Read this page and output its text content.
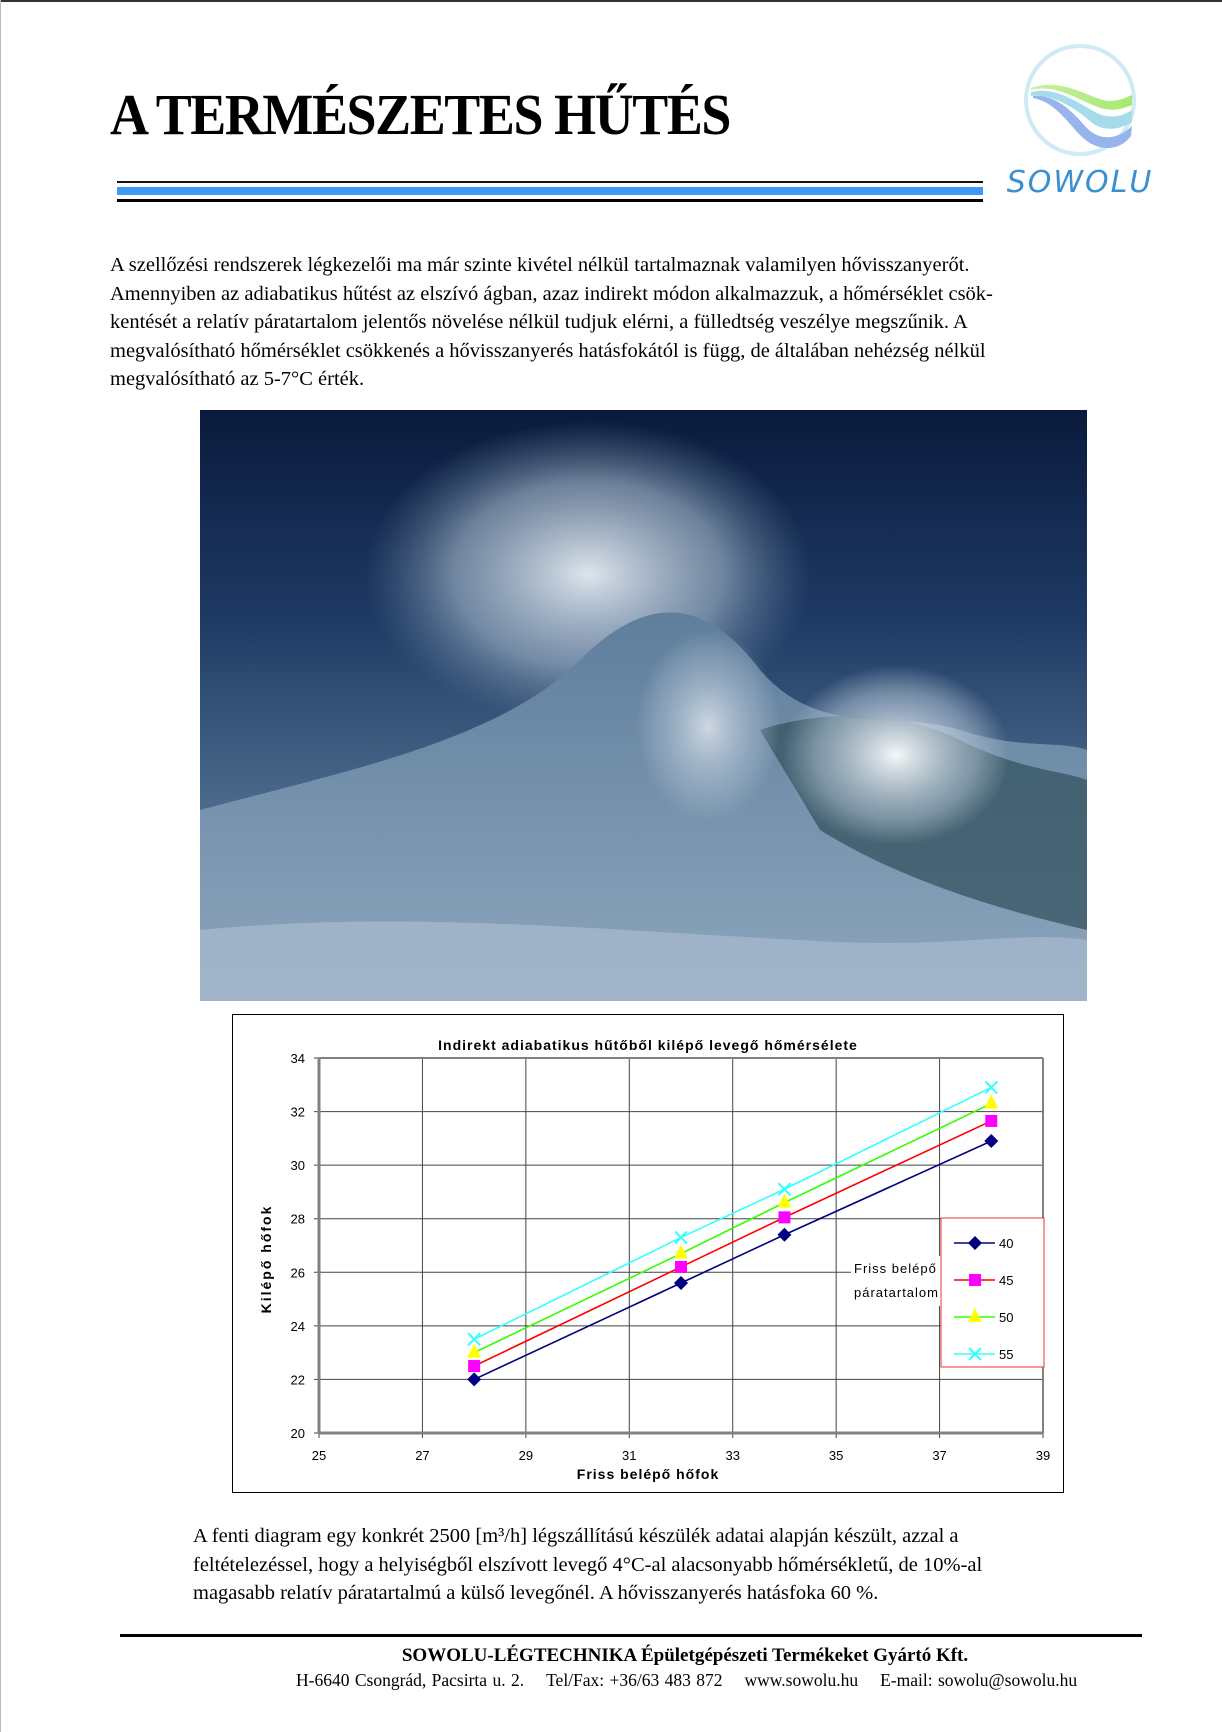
A TERMÉSZETES HŰTÉS
SOWOLU
A szellőzési rendszerek légkezelői ma már szinte kivétel nélkül tartalmaznak valamilyen hővisszanyerőt.
Amennyiben az adiabatikus hűtést az elszívó ágban, azaz indirekt módon alkalmazzuk, a hőmérséklet csök-
kentését a relatív páratartalom jelentős növelése nélkül tudjuk elérni, a fülledtség veszélye megszűnik. A
megvalósítható hőmérséklet csökkenés a hővisszanyerés hatásfokától is függ, de általában nehézség nélkül
megvalósítható az 5-7°C érték.
Indirekt adiabatikus hűtőből kilépő levegő hőmérsélete
20
22
24
26
28
30
32
34
25	27	29	31	33	35	37	39
Friss belépő hőfok
Kilépő hőfok	Friss belépő
páratartalom
40
45
50
55
A fenti diagram egy konkrét 2500 [m³/h] légszállítású készülék adatai alapján készült, azzal a
feltételezéssel, hogy a helyiségből elszívott levegő 4°C-al alacsonyabb hőmérsékletű, de 10%-al
magasabb relatív páratartalmú a külső levegőnél. A hővisszanyerés hatásfoka 60 %.
SOWOLU-LÉGTECHNIKA Épületgépészeti Termékeket Gyártó Kft.
H-6640 Csongrád, Pacsirta u. 2. Tel/Fax: +36/63 483 872 www.sowolu.hu E-mail: sowolu@sowolu.hu
